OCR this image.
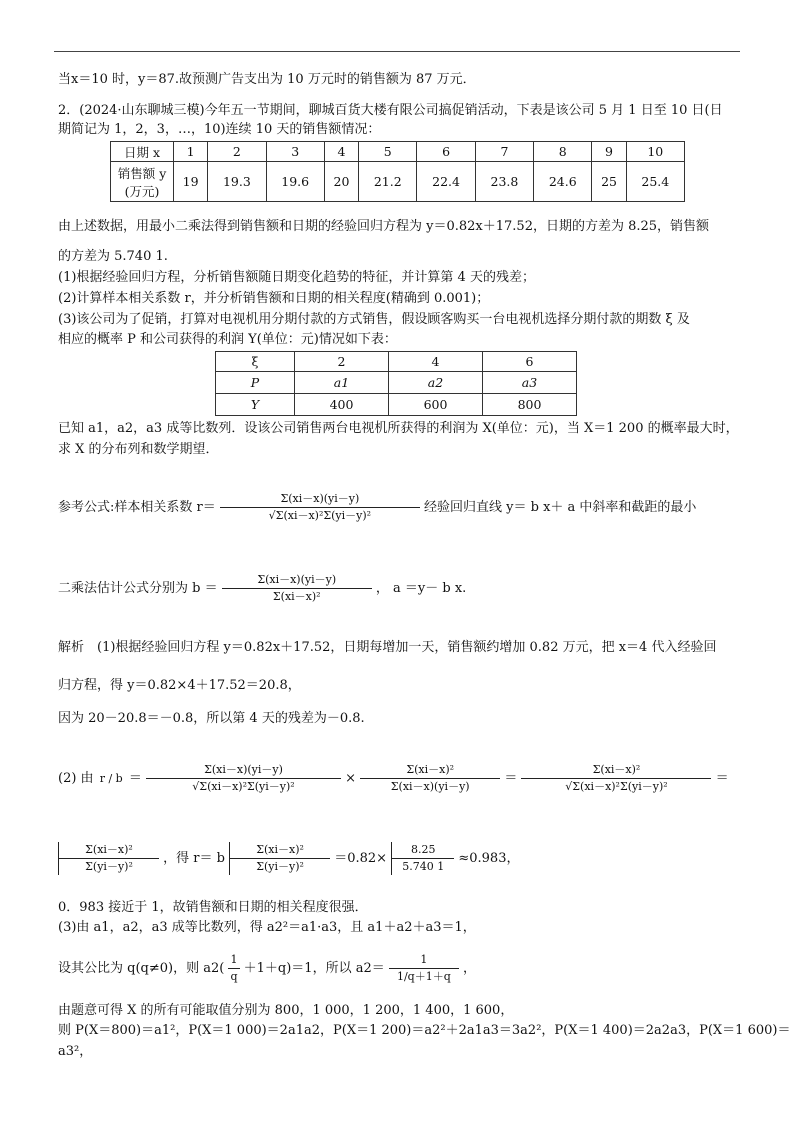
当x＝10 时，y＝87.故预测广告支出为 10 万元时的销售额为 87 万元．
2．(2024·山东聊城三模)今年五一节期间，聊城百货大楼有限公司搞促销活动，下表是该公司 5 月 1 日至 10 日(日
期简记为 1，2，3，…，10)连续 10 天的销售额情况：
日期 x	1	2	3	4	5	6	7	8	9	10

销售额 y
(万元)	19	19.3	19.6	20	21.2	22.4	23.8	24.6	25	25.4
由上述数据，用最小二乘法得到销售额和日期的经验回归方程为 y＝0.82x＋17.52，日期的方差为 8.25，销售额
的方差为 5.740 1.
(1)根据经验回归方程，分析销售额随日期变化趋势的特征，并计算第 4 天的残差；
(2)计算样本相关系数 r，并分析销售额和日期的相关程度(精确到 0.001)；
(3)该公司为了促销，打算对电视机用分期付款的方式销售，假设顾客购买一台电视机选择分期付款的期数 ξ 及
相应的概率 P 和公司获得的利润 Y(单位：元)情况如下表：
ξ	2	4	6
P	a1	a2	a3
Y	400	600	800
已知 a1，a2，a3 成等比数列．设该公司销售两台电视机所获得的利润为 X(单位：元)，当 X＝1 200 的概率最大时，
求 X 的分布列和数学期望．
参考公式:样本相关系数 $r= \frac{\Sigma(xi-x)(yi-y)}{\text{√Σ(xi－x)²Σ(yi－y)²}}$ 经验回归直线 y＝ b x＋ a 中斜率和截距的最小
二乘法估计公式分别为 $b = \frac{\Sigma(xi-x)(yi-y)}{\text{Σ(xi－x)²}}$ ， a ＝y－ b x.
解析　(1)根据经验回归方程 y＝0.82x＋17.52，日期每增加一天，销售额约增加 0.82 万元，把 x＝4 代入经验回
归方程，得 y＝0.82×4＋17.52＝20.8，
因为 20－20.8＝－0.8，所以第 4 天的残差为－0.8.
(2) 由 $r / b = \frac{\Sigma(xi-x)(yi-y)}{\text{√Σ(xi－x)²Σ(yi－y)²}} \times \frac{\text{Σ(xi－x)²}}{\Sigma(xi-x)(yi-y)} = \frac{\text{Σ(xi－x)²}}{\text{√Σ(xi－x)²Σ(yi－y)²}}$ ＝
$\frac{\text{Σ(xi－x)²}}{\text{Σ(yi－y)²}}$ ，得 r＝ b $\frac{\text{Σ(xi－x)²}}{\text{Σ(yi－y)²}} =0.82\times \frac{8.25}{5.740 1} \approx 0.983$，
0．983 接近于 1，故销售额和日期的相关程度很强．
(3)由 a1，a2，a3 成等比数列，得 a2²＝a1·a3，且 a1＋a2＋a3＝1，
设其公比为 q(q≠0)，则 $a2( \frac{1}{q} +1+q)=1$，所以 $a2= \frac{1}{1/q+1+q}$ ，
由题意可得 X 的所有可能取值分别为 800，1 000，1 200，1 400，1 600，
则 P(X＝800)＝a1²，P(X＝1 000)＝2a1a2，P(X＝1 200)＝a2²＋2a1a3＝3a2²，P(X＝1 400)＝2a2a3，P(X＝1 600)＝
a3²，
